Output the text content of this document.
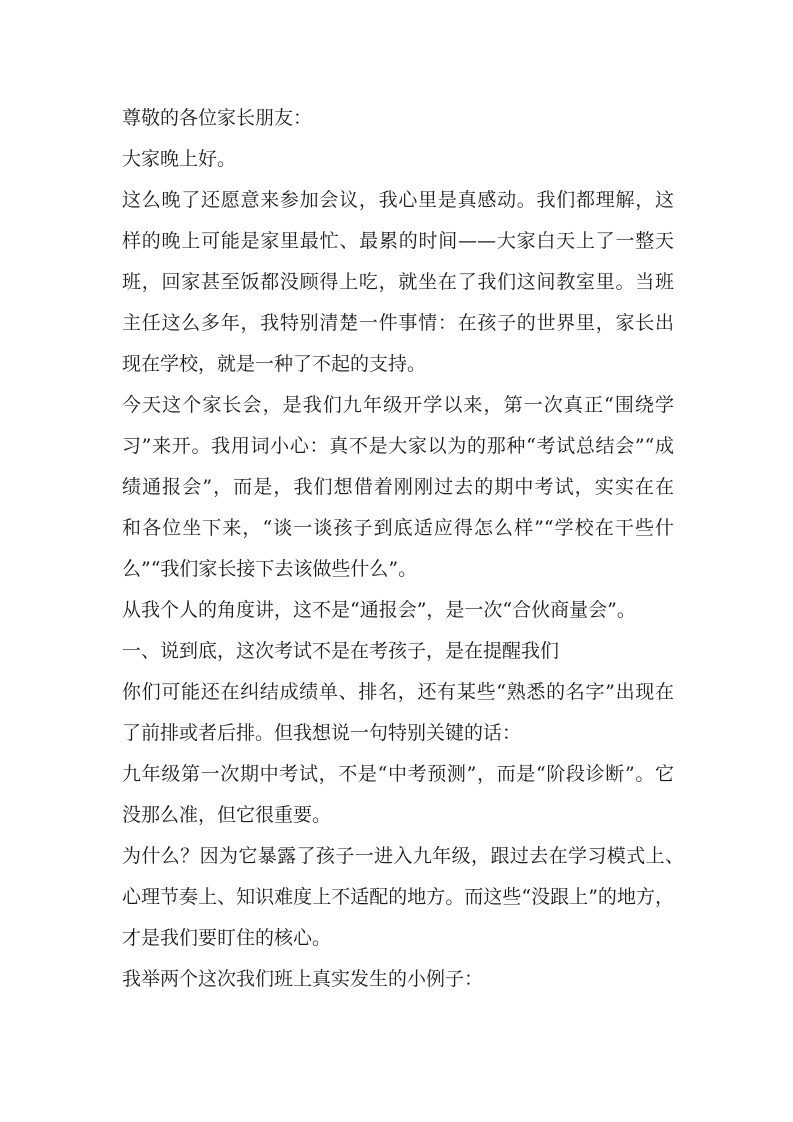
尊敬的各位家长朋友：
大家晚上好。
这么晚了还愿意来参加会议，我心里是真感动。我们都理解，这
样的晚上可能是家里最忙、最累的时间——大家白天上了一整天
班，回家甚至饭都没顾得上吃，就坐在了我们这间教室里。当班
主任这么多年，我特别清楚一件事情：在孩子的世界里，家长出
现在学校，就是一种了不起的支持。
今天这个家长会，是我们九年级开学以来，第一次真正“围绕学
习”来开。我用词小心：真不是大家以为的那种“考试总结会”“成
绩通报会”，而是，我们想借着刚刚过去的期中考试，实实在在
和各位坐下来，“谈一谈孩子到底适应得怎么样”“学校在干些什
么”“我们家长接下去该做些什么”。
从我个人的角度讲，这不是“通报会”，是一次“合伙商量会”。
一、说到底，这次考试不是在考孩子，是在提醒我们
你们可能还在纠结成绩单、排名，还有某些“熟悉的名字”出现在
了前排或者后排。但我想说一句特别关键的话：
九年级第一次期中考试，不是“中考预测”，而是“阶段诊断”。它
没那么准，但它很重要。
为什么？因为它暴露了孩子一进入九年级，跟过去在学习模式上、
心理节奏上、知识难度上不适配的地方。而这些“没跟上”的地方，
才是我们要盯住的核心。
我举两个这次我们班上真实发生的小例子：
